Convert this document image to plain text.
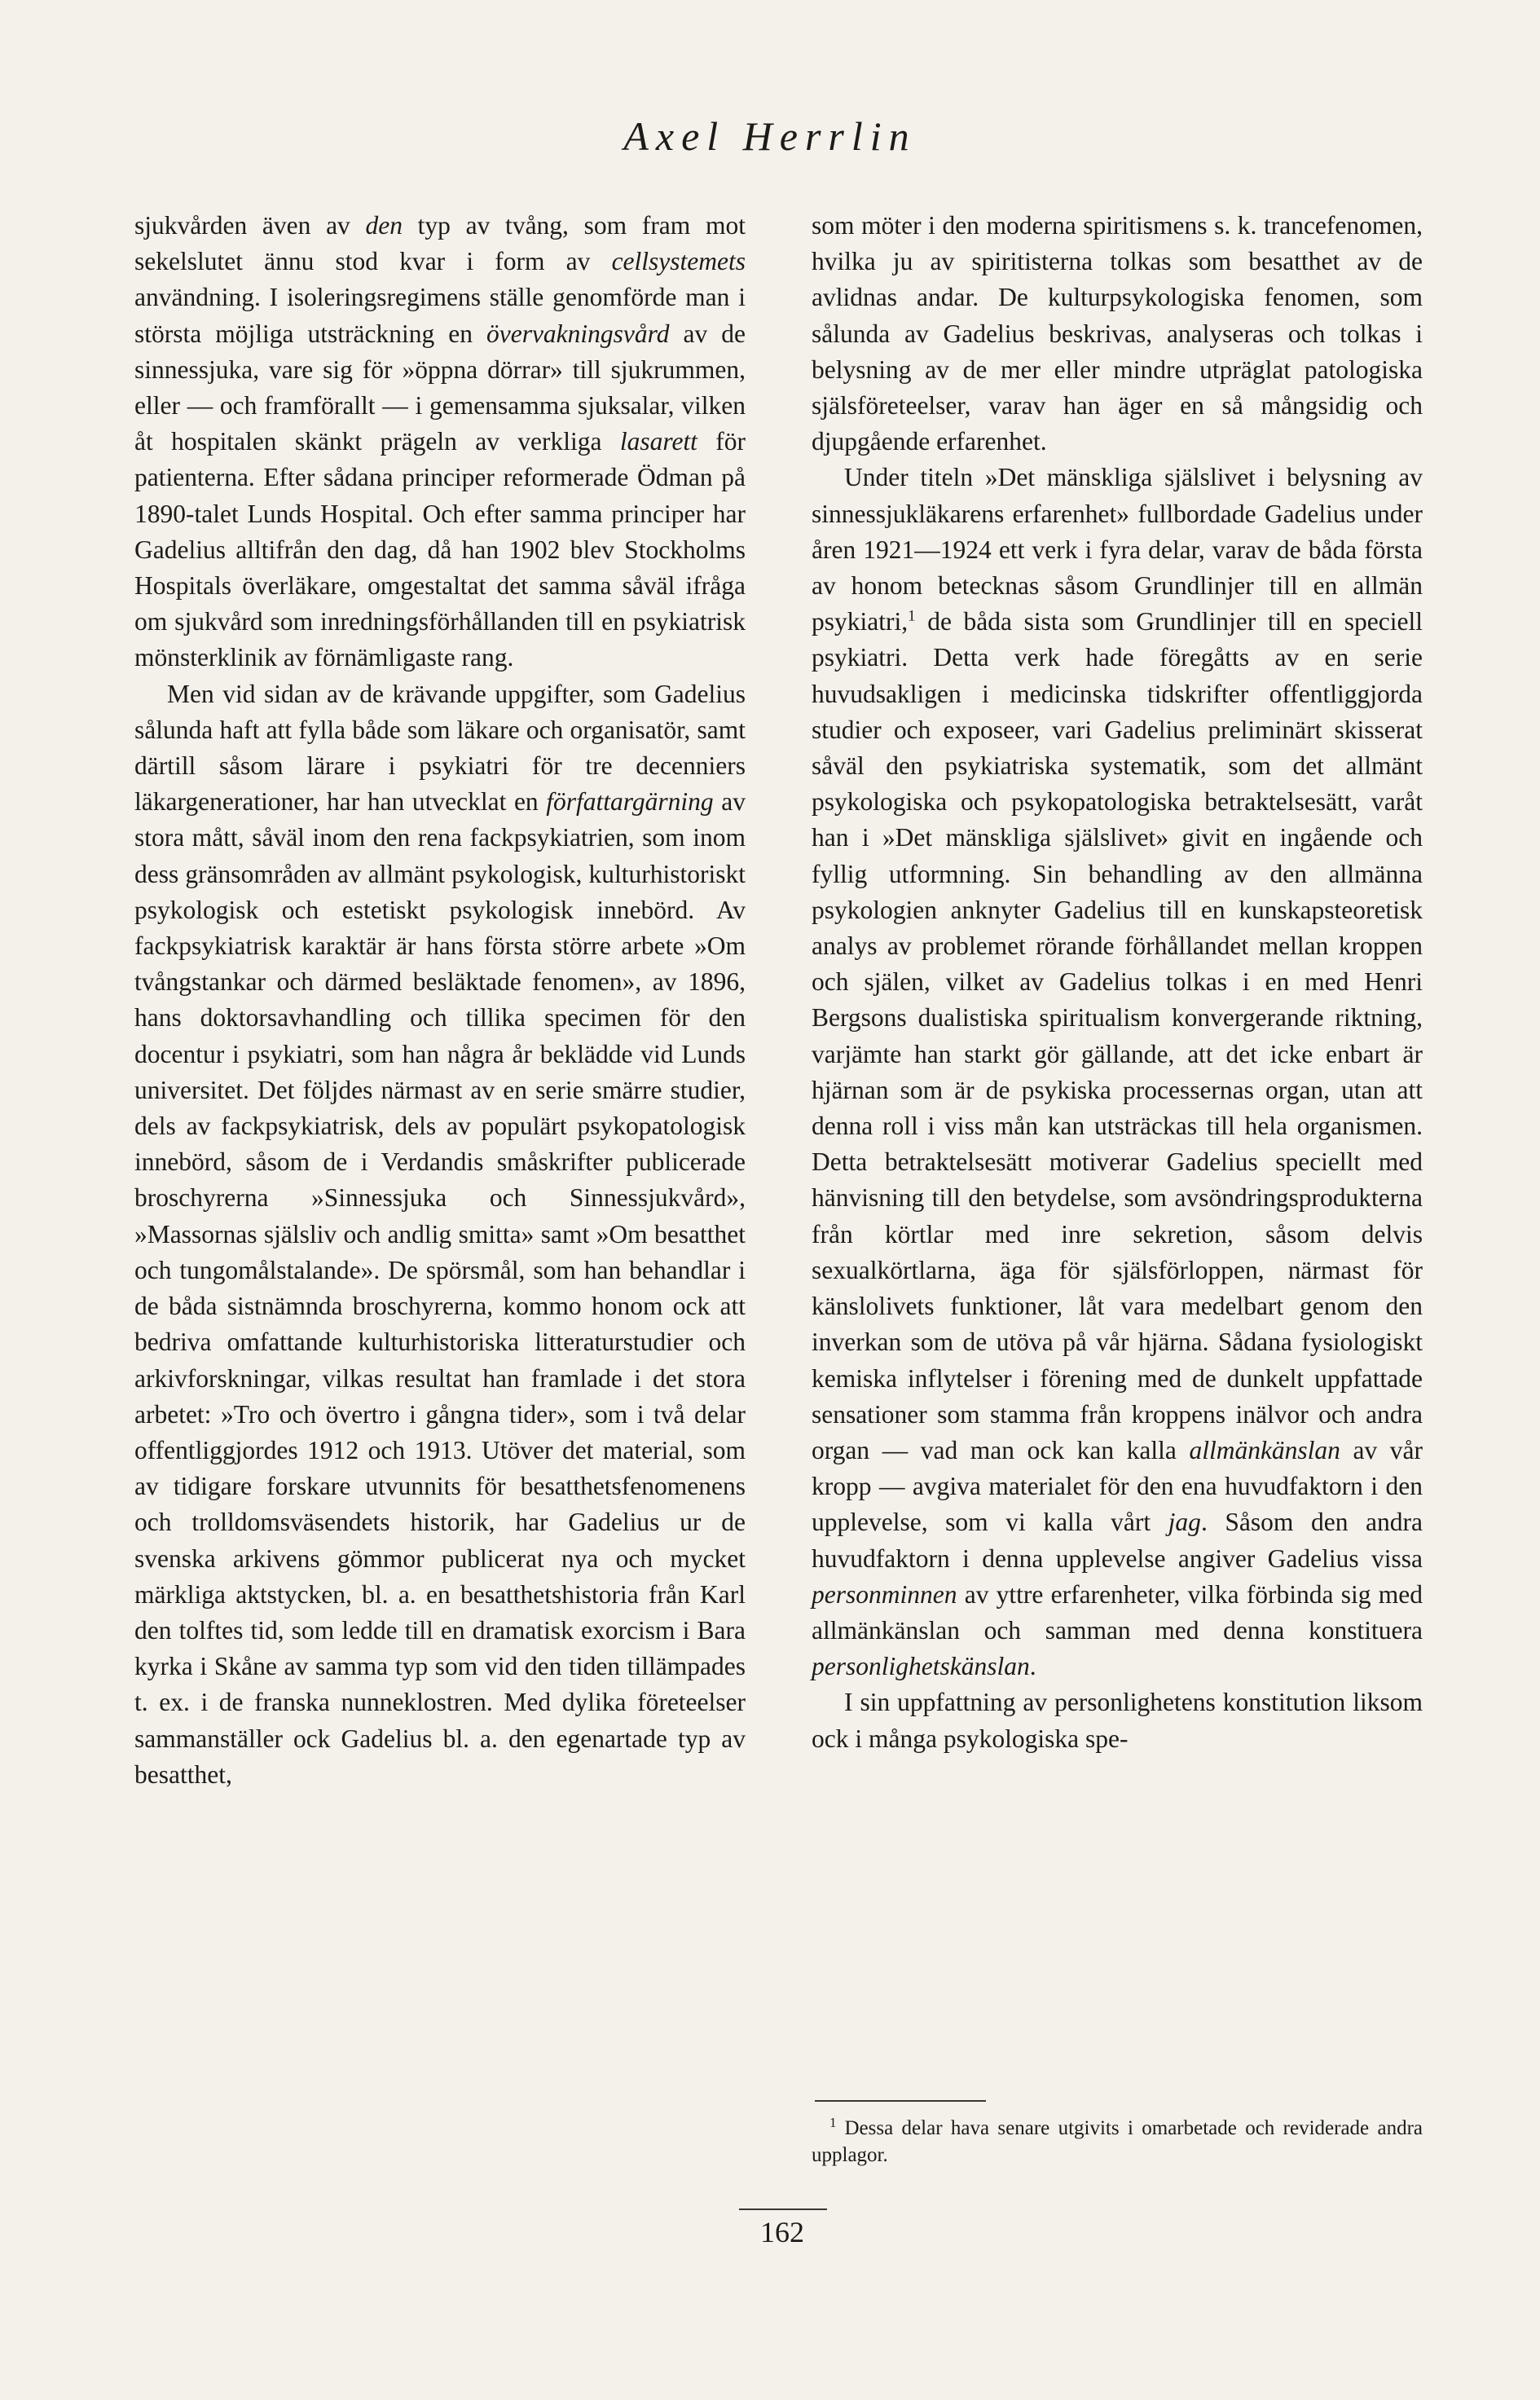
Axel Herrlin

sjukvården även av den typ av tvång, som fram mot sekelslutet ännu stod kvar i form av cellsystemets användning. I isoleringsregimens ställe genomförde man i största möjliga utsträckning en övervakningsvård av de sinnessjuka, vare sig för »öppna dörrar» till sjukrummen, eller — och framförallt — i gemensamma sjuksalar, vilken åt hospitalen skänkt prägeln av verkliga lasarett för patienterna. Efter sådana principer reformerade Ödman på 1890-talet Lunds Hospital. Och efter samma principer har Gadelius alltifrån den dag, då han 1902 blev Stockholms Hospitals överläkare, omgestaltat det samma såväl ifråga om sjukvård som inredningsförhållanden till en psykiatrisk mönsterklinik av förnämligaste rang.

Men vid sidan av de krävande uppgifter, som Gadelius sålunda haft att fylla både som läkare och organisatör, samt därtill såsom lärare i psykiatri för tre decenniers läkargenerationer, har han utvecklat en författargärning av stora mått, såväl inom den rena fackpsykiatrien, som inom dess gränsområden av allmänt psykologisk, kulturhistoriskt psykologisk och estetiskt psykologisk innebörd. Av fackpsykiatrisk karaktär är hans första större arbete »Om tvångstankar och därmed besläktade fenomen», av 1896, hans doktorsavhandling och tillika specimen för den docentur i psykiatri, som han några år beklädde vid Lunds universitet. Det följdes närmast av en serie smärre studier, dels av fackpsykiatrisk, dels av populärt psykopatologisk innebörd, såsom de i Verdandis småskrifter publicerade broschyrerna »Sinnessjuka och Sinnessjukvård», »Massornas själsliv och andlig smitta» samt »Om besatthet och tungomålstalande». De spörsmål, som han behandlar i de båda sistnämnda broschyrerna, kommo honom ock att bedriva omfattande kulturhistoriska litteraturstudier och arkivforskningar, vilkas resultat han framlade i det stora arbetet: »Tro och övertro i gångna tider», som i två delar offentliggjordes 1912 och 1913. Utöver det material, som av tidigare forskare utvunnits för besatthetsfenomenens och trolldomsväsendets historik, har Gadelius ur de svenska arkivens gömmor publicerat nya och mycket märkliga aktstycken, bl. a. en besatthetshistoria från Karl den tolftes tid, som ledde till en dramatisk exorcism i Bara kyrka i Skåne av samma typ som vid den tiden tillämpades t. ex. i de franska nunneklostren. Med dylika företeelser sammanställer ock Gadelius bl. a. den egenartade typ av besatthet,

som möter i den moderna spiritismens s. k. trancefenomen, hvilka ju av spiritisterna tolkas som besatthet av de avlidnas andar. De kulturpsykologiska fenomen, som sålunda av Gadelius beskrivas, analyseras och tolkas i belysning av de mer eller mindre utpräglat patologiska själsföreteelser, varav han äger en så mångsidig och djupgående erfarenhet.

Under titeln »Det mänskliga själslivet i belysning av sinnessjukläkarens erfarenhet» fullbordade Gadelius under åren 1921—1924 ett verk i fyra delar, varav de båda första av honom betecknas såsom Grundlinjer till en allmän psykiatri,$^1$ de båda sista som Grundlinjer till en speciell psykiatri. Detta verk hade föregåtts av en serie huvudsakligen i medicinska tidskrifter offentliggjorda studier och exposeer, vari Gadelius preliminärt skisserat såväl den psykiatriska systematik, som det allmänt psykologiska och psykopatologiska betraktelsesätt, varåt han i »Det mänskliga själslivet» givit en ingående och fyllig utformning. Sin behandling av den allmänna psykologien anknyter Gadelius till en kunskapsteoretisk analys av problemet rörande förhållandet mellan kroppen och själen, vilket av Gadelius tolkas i en med Henri Bergsons dualistiska spiritualism konvergerande riktning, varjämte han starkt gör gällande, att det icke enbart är hjärnan som är de psykiska processernas organ, utan att denna roll i viss mån kan utsträckas till hela organismen. Detta betraktelsesätt motiverar Gadelius speciellt med hänvisning till den betydelse, som avsöndringsprodukterna från körtlar med inre sekretion, såsom delvis sexualkörtlarna, äga för själsförloppen, närmast för känslolivets funktioner, låt vara medelbart genom den inverkan som de utöva på vår hjärna. Sådana fysiologiskt kemiska inflytelser i förening med de dunkelt uppfattade sensationer som stamma från kroppens inälvor och andra organ — vad man ock kan kalla allmänkänslan av vår kropp — avgiva materialet för den ena huvudfaktorn i den upplevelse, som vi kalla vårt jag. Såsom den andra huvudfaktorn i denna upplevelse angiver Gadelius vissa personminnen av yttre erfarenheter, vilka förbinda sig med allmänkänslan och samman med denna konstituera personlighetskänslan.

I sin uppfattning av personlighetens konstitution liksom ock i många psykologiska spe-

$^1$ Dessa delar hava senare utgivits i omarbetade och reviderade andra upplagor.
162
